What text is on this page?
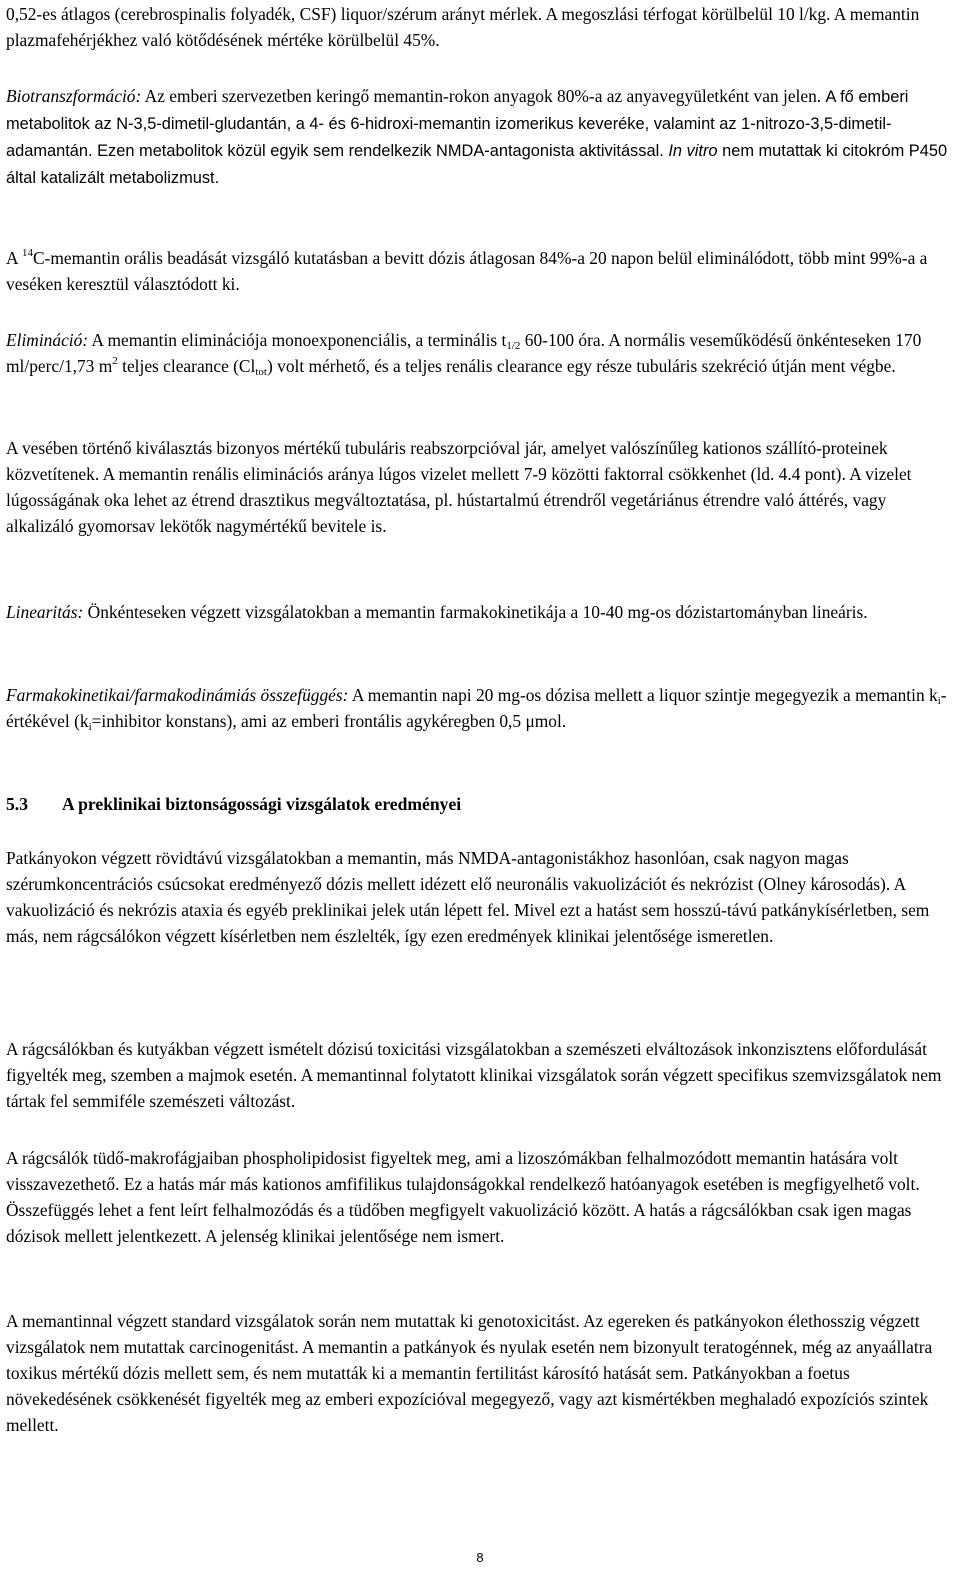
0,52-es átlagos (cerebrospinalis folyadék, CSF) liquor/szérum arányt mérlek. A megoszlási térfogat körülbelül 10 l/kg. A memantin plazmafehérjékhez való kötődésének mértéke körülbelül 45%.

Biotranszformáció: Az emberi szervezetben keringő memantin-rokon anyagok 80%-a az anyavegyületként van jelen. A fő emberi metabolitok az N-3,5-dimetil-gludantán, a 4- és 6-hidroxi-memantin izomerikus keveréke, valamint az 1-nitrozo-3,5-dimetil-adamantán. Ezen metabolitok közül egyik sem rendelkezik NMDA-antagonista aktivitással. In vitro nem mutattak ki citokróm P450 által katalizált metabolizmust.

A $^{14}$C-memantin orális beadását vizsgáló kutatásban a bevitt dózis átlagosan 84%-a 20 napon belül eliminálódott, több mint 99%-a a veséken keresztül választódott ki.

Elimináció: A memantin eliminációja monoexponenciális, a terminális $t_{1/2}$ 60-100 óra. A normális veseműködésű önkénteseken 170 ml/perc/1,73 $m^2$ teljes clearance $(Cl_{tot})$ volt mérhető, és a teljes renális clearance egy része tubuláris szekréció útján ment végbe.

A vesében történő kiválasztás bizonyos mértékű tubuláris reabszorpcióval jár, amelyet valószínűleg kationos szállító-proteinek közvetítenek. A memantin renális eliminációs aránya lúgos vizelet mellett 7-9 közötti faktorral csökkenhet (ld. 4.4 pont). A vizelet lúgosságának oka lehet az étrend drasztikus megváltoztatása, pl. hústartalmú étrendről vegetáriánus étrendre való áttérés, vagy alkalizáló gyomorsav lekötők nagymértékű bevitele is.

Linearitás: Önkénteseken végzett vizsgálatokban a memantin farmakokinetikája a 10-40 mg-os dózistartományban lineáris.

Farmakokinetikai/farmakodinámiás összefüggés: A memantin napi 20 mg-os dózisa mellett a liquor szintje megegyezik a memantin $k_i$-értékével ($k_i=inhibitor$ konstans), ami az emberi frontális agykéregben 0,5 μmol.

5.3 A preklinikai biztonságossági vizsgálatok eredményei

Patkányokon végzett rövidtávú vizsgálatokban a memantin, más NMDA-antagonistákhoz hasonlóan, csak nagyon magas szérumkoncentrációs csúcsokat eredményező dózis mellett idézett elő neuronális vakuolizációt és nekrózist (Olney károsodás). A vakuolizáció és nekrózis ataxia és egyéb preklinikai jelek után lépett fel. Mivel ezt a hatást sem hosszú-távú patkánykísérletben, sem más, nem rágcsálókon végzett kísérletben nem észlelték, így ezen eredmények klinikai jelentősége ismeretlen.

A rágcsálókban és kutyákban végzett ismételt dózisú toxicitási vizsgálatokban a szemészeti elváltozások inkonzisztens előfordulását figyelték meg, szemben a majmok esetén. A memantinnal folytatott klinikai vizsgálatok során végzett specifikus szemvizsgálatok nem tártak fel semmiféle szemészeti változást.

A rágcsálók tüdő-makrofágjaiban phospholipidosist figyeltek meg, ami a lizoszómákban felhalmozódott memantin hatására volt visszavezethető. Ez a hatás már más kationos amfifilikus tulajdonságokkal rendelkező hatóanyagok esetében is megfigyelhető volt. Összefüggés lehet a fent leírt felhalmozódás és a tüdőben megfigyelt vakuolizáció között. A hatás a rágcsálókban csak igen magas dózisok mellett jelentkezett. A jelenség klinikai jelentősége nem ismert.

A memantinnal végzett standard vizsgálatok során nem mutattak ki genotoxicitást. Az egereken és patkányokon élethosszig végzett vizsgálatok nem mutattak carcinogenitást. A memantin a patkányok és nyulak esetén nem bizonyult teratogénnek, még az anyaállatra toxikus mértékű dózis mellett sem, és nem mutatták ki a memantin fertilitást károsító hatását sem. Patkányokban a foetus növekedésének csökkenését figyelték meg az emberi expozícióval megegyező, vagy azt kismértékben meghaladó expozíciós szintek mellett.

8
